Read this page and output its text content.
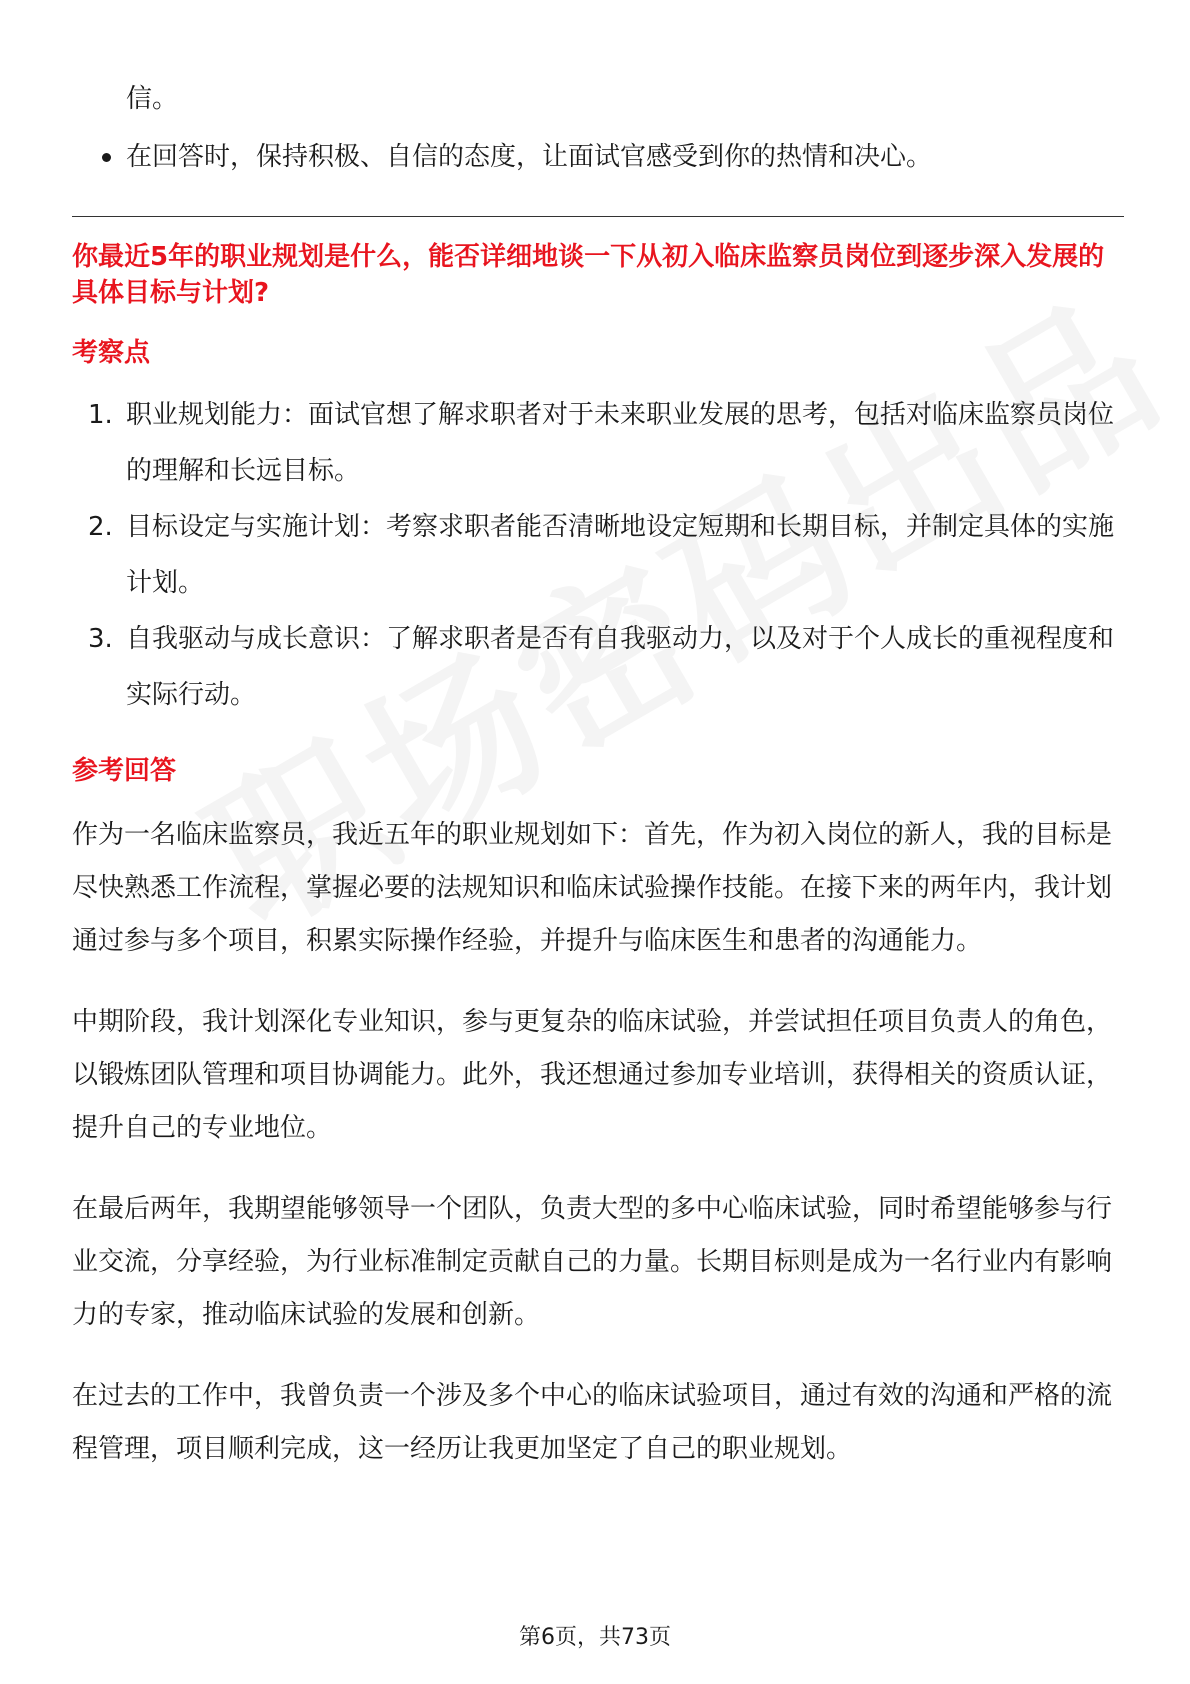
信。
在回答时，保持积极、自信的态度，让面试官感受到你的热情和决心。
你最近5年的职业规划是什么，能否详细地谈一下从初入临床监察员岗位到逐步深入发展的具体目标与计划?
考察点
1. 职业规划能力：面试官想了解求职者对于未来职业发展的思考，包括对临床监察员岗位的理解和长远目标。
2. 目标设定与实施计划：考察求职者能否清晰地设定短期和长期目标，并制定具体的实施计划。
3. 自我驱动与成长意识：了解求职者是否有自我驱动力，以及对于个人成长的重视程度和实际行动。
参考回答

作为一名临床监察员，我近五年的职业规划如下：首先，作为初入岗位的新人，我的目标是尽快熟悉工作流程，掌握必要的法规知识和临床试验操作技能。在接下来的两年内，我计划通过参与多个项目，积累实际操作经验，并提升与临床医生和患者的沟通能力。

中期阶段，我计划深化专业知识，参与更复杂的临床试验，并尝试担任项目负责人的角色，以锻炼团队管理和项目协调能力。此外，我还想通过参加专业培训，获得相关的资质认证，提升自己的专业地位。

在最后两年，我期望能够领导一个团队，负责大型的多中心临床试验，同时希望能够参与行业交流，分享经验，为行业标准制定贡献自己的力量。长期目标则是成为一名行业内有影响力的专家，推动临床试验的发展和创新。

在过去的工作中，我曾负责一个涉及多个中心的临床试验项目，通过有效的沟通和严格的流程管理，项目顺利完成，这一经历让我更加坚定了自己的职业规划。

第6页，共73页
